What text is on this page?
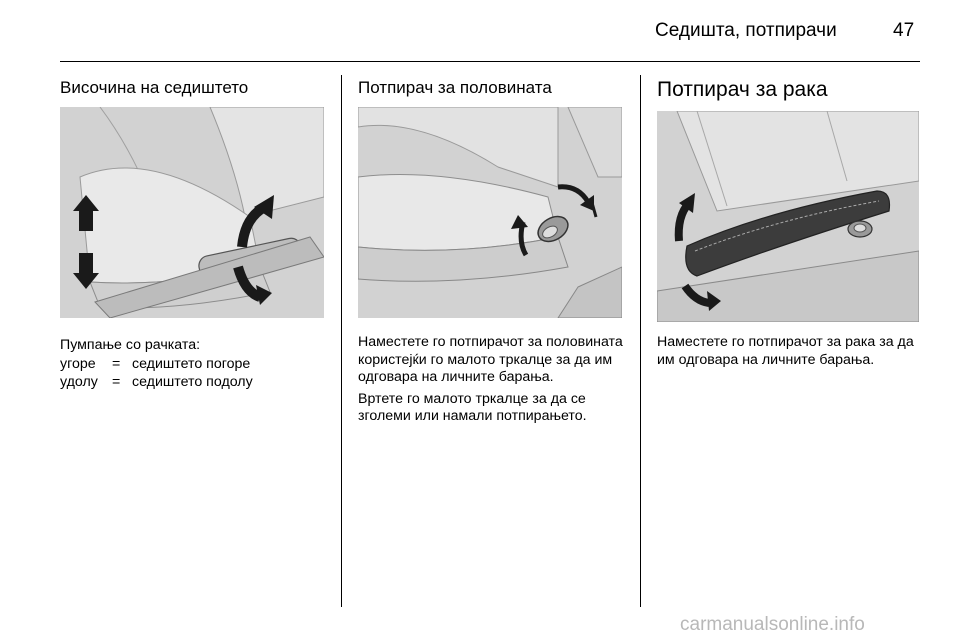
Седишта, потпирачи	47
Височина на седиштето
Пумпање со рачката:
угоре	= седиштето погоре
удолу = седиштето подолу
Потпирач за половината

Наместете го потпирачот за половината користејќи го малото тркалце за да им одговара на личните барања.

Вртете го малото тркалце за да се зголеми или намали потпирањето.

Потпирач за рака

Наместете го потпирачот за рака за да им одговара на личните барања.

carmanualsonline.info
